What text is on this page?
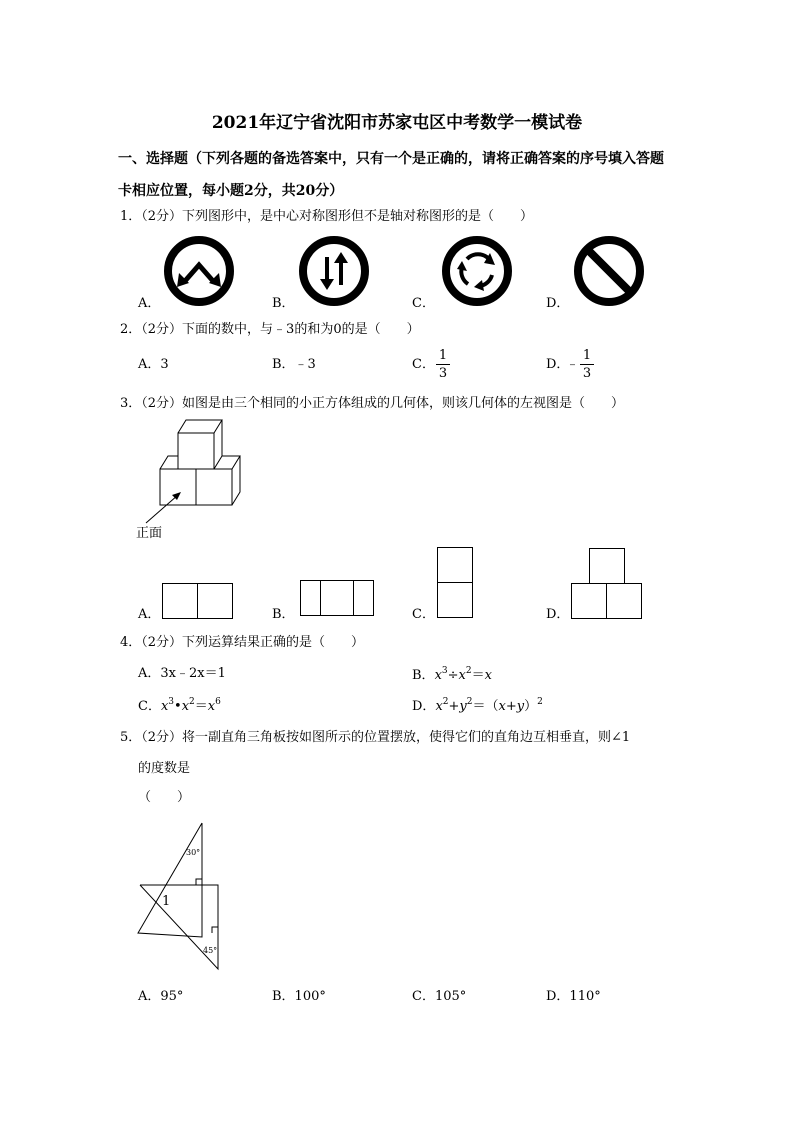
2021年辽宁省沈阳市苏家屯区中考数学一模试卷
一、选择题（下列各题的备选答案中，只有一个是正确的，请将正确答案的序号填入答题
卡相应位置，每小题2分，共20分）
1．（2分）下列图形中，是中心对称图形但不是轴对称图形的是（　　）
A．	B．	C．	D．
2．（2分）下面的数中，与﹣3的和为0的是（　　）
A．3	B．﹣3	C．
1
3
D．
﹣
1
3
3．（2分）如图是由三个相同的小正方体组成的几何体，则该几何体的左视图是（　　）
正面
A．	B．	C．	D．
4．（2分）下列运算结果正确的是（　　）
A．3x﹣2x＝1	B．$x^3\div x^2=x$
C．$x^3•x^2=x^6$	D．$x^2+y^2=(x+y)^2$
5．（2分）将一副直角三角板按如图所示的位置摆放，使得它们的直角边互相垂直，则∠1
的度数是
（　　）
30°
45°
1
A．95°	B．100°	C．105°	D．110°
